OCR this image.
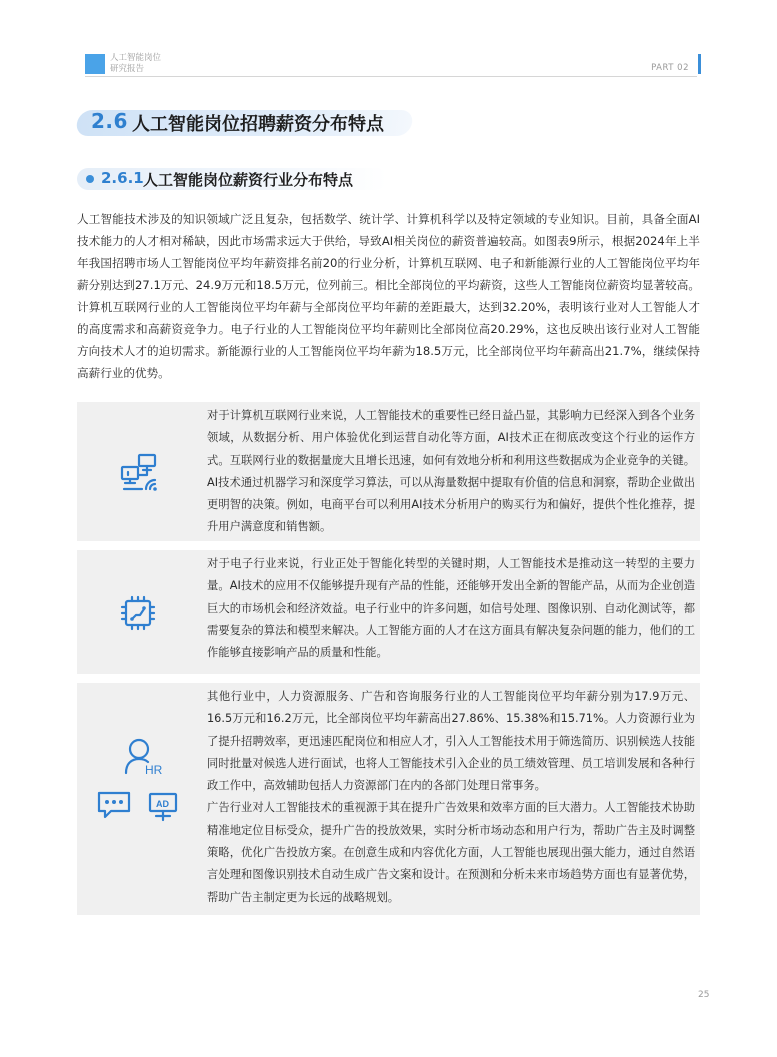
人工智能岗位
研究报告	PART 02
2.6 人工智能岗位招聘薪资分布特点
2.6.1 人工智能岗位薪资行业分布特点

人工智能技术涉及的知识领域广泛且复杂，包括数学、统计学、计算机科学以及特定领域的专业知识。目前，具备全面AI技术能力的人才相对稀缺，因此市场需求远大于供给，导致AI相关岗位的薪资普遍较高。如图表9所示，根据2024年上半年我国招聘市场人工智能岗位平均年薪资排名前20的行业分析，计算机互联网、电子和新能源行业的人工智能岗位平均年薪分别达到27.1万元、24.9万元和18.5万元，位列前三。相比全部岗位的平均薪资，这些人工智能岗位薪资均显著较高。计算机互联网行业的人工智能岗位平均年薪与全部岗位平均年薪的差距最大，达到32.20%，表明该行业对人工智能人才的高度需求和高薪资竞争力。电子行业的人工智能岗位平均年薪则比全部岗位高20.29%，这也反映出该行业对人工智能方向技术人才的迫切需求。新能源行业的人工智能岗位平均年薪为18.5万元，比全部岗位平均年薪高出21.7%，继续保持高薪行业的优势。

对于计算机互联网行业来说，人工智能技术的重要性已经日益凸显，其影响力已经深入到各个业务领域，从数据分析、用户体验优化到运营自动化等方面，AI技术正在彻底改变这个行业的运作方式。互联网行业的数据量庞大且增长迅速，如何有效地分析和利用这些数据成为企业竞争的关键。AI技术通过机器学习和深度学习算法，可以从海量数据中提取有价值的信息和洞察，帮助企业做出更明智的决策。例如，电商平台可以利用AI技术分析用户的购买行为和偏好，提供个性化推荐，提升用户满意度和销售额。
对于电子行业来说，行业正处于智能化转型的关键时期，人工智能技术是推动这一转型的主要力量。AI技术的应用不仅能够提升现有产品的性能，还能够开发出全新的智能产品，从而为企业创造巨大的市场机会和经济效益。电子行业中的许多问题，如信号处理、图像识别、自动化测试等，都需要复杂的算法和模型来解决。人工智能方面的人才在这方面具有解决复杂问题的能力，他们的工作能够直接影响产品的质量和性能。
HR
AD

其他行业中，人力资源服务、广告和咨询服务行业的人工智能岗位平均年薪分别为17.9万元、16.5万元和16.2万元，比全部岗位平均年薪高出27.86%、15.38%和15.71%。人力资源行业为了提升招聘效率，更迅速匹配岗位和相应人才，引入人工智能技术用于筛选简历、识别候选人技能同时批量对候选人进行面试，也将人工智能技术引入企业的员工绩效管理、员工培训发展和各种行政工作中，高效辅助包括人力资源部门在内的各部门处理日常事务。

广告行业对人工智能技术的重视源于其在提升广告效果和效率方面的巨大潜力。人工智能技术协助精准地定位目标受众，提升广告的投放效果，实时分析市场动态和用户行为，帮助广告主及时调整策略，优化广告投放方案。在创意生成和内容优化方面，人工智能也展现出强大能力，通过自然语言处理和图像识别技术自动生成广告文案和设计。在预测和分析未来市场趋势方面也有显著优势，帮助广告主制定更为长远的战略规划。

25
